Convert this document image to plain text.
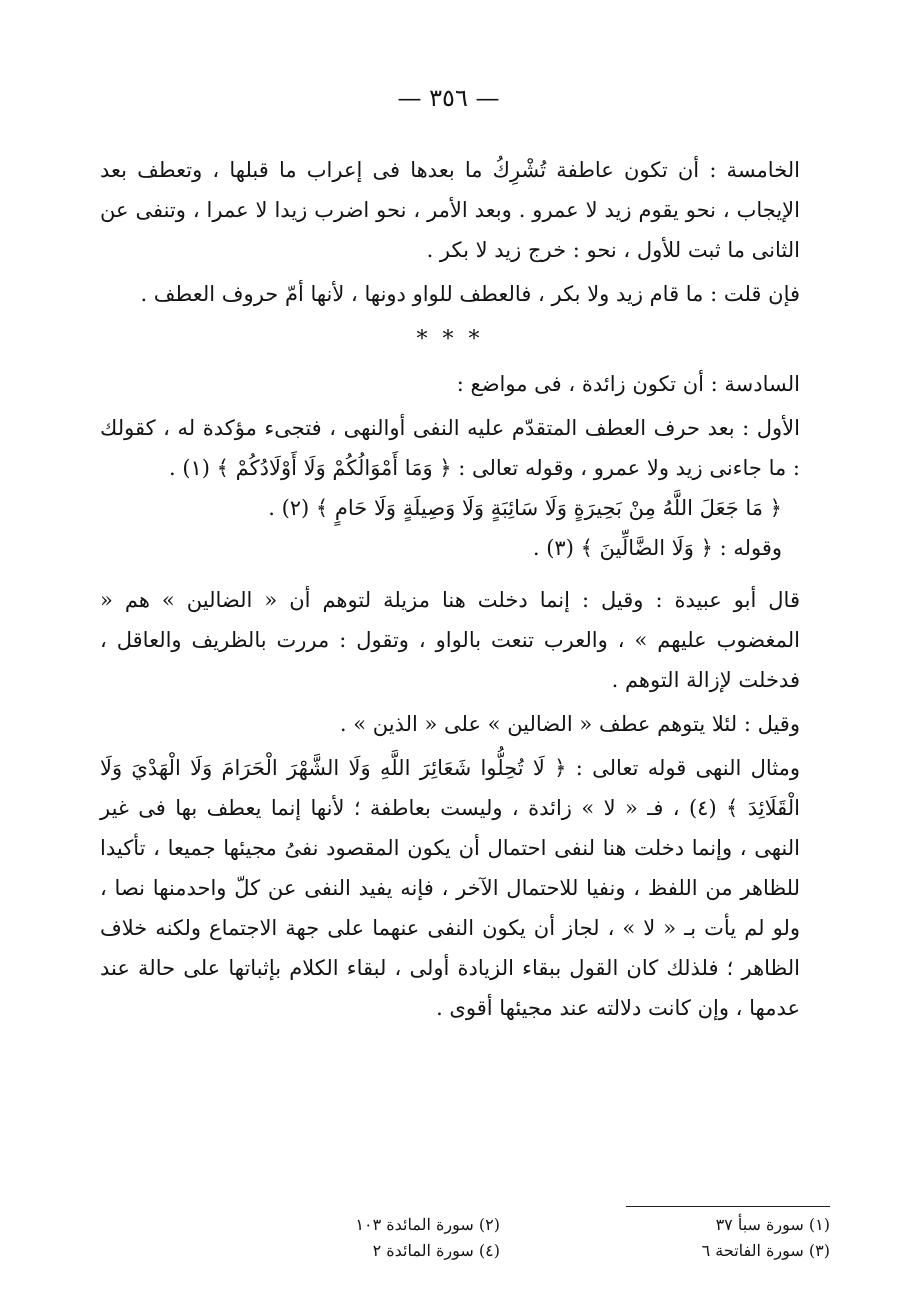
— ٣٥٦ —

الخامسة : أن تكون عاطفة تُشْرِكُ ما بعدها فى إعراب ما قبلها ، وتعطف بعد الإيجاب ، نحو يقوم زيد لا عمرو . وبعد الأمر ، نحو اضرب زيدا لا عمرا ، وتنفى عن الثانى ما ثبت للأول ، نحو : خرج زيد لا بكر .

فإن قلت : ما قام زيد ولا بكر ، فالعطف للواو دونها ، لأنها أمّ حروف العطف .

* * *

السادسة : أن تكون زائدة ، فى مواضع :

الأول : بعد حرف العطف المتقدّم عليه النفى أوالنهى ، فتجىء مؤكدة له ، كقولك : ما جاءنى زيد ولا عمرو ، وقوله تعالى : ﴿ وَمَا أَمْوَالُكُمْ وَلَا أَوْلَادُكُمْ ﴾ (١) .

﴿ مَا جَعَلَ اللَّهُ مِنْ بَحِيرَةٍ وَلَا سَائِبَةٍ وَلَا وَصِيلَةٍ وَلَا حَامٍ ﴾ (٢) .

وقوله : ﴿ وَلَا الضَّالِّينَ ﴾ (٣) .

قال أبو عبيدة : وقيل : إنما دخلت هنا مزيلة لتوهم أن « الضالين » هم « المغضوب عليهم » ، والعرب تنعت بالواو ، وتقول : مررت بالظريف والعاقل ، فدخلت لإزالة التوهم .

وقيل : لئلا يتوهم عطف « الضالين » على « الذين » .

ومثال النهى قوله تعالى : ﴿ لَا تُحِلُّوا شَعَائِرَ اللَّهِ وَلَا الشَّهْرَ الْحَرَامَ وَلَا الْهَدْيَ وَلَا الْقَلَائِدَ ﴾ (٤) ، فـ « لا » زائدة ، وليست بعاطفة ؛ لأنها إنما يعطف بها فى غير النهى ، وإنما دخلت هنا لنفى احتمال أن يكون المقصود نفىُ مجيئها جميعا ، تأكيدا للظاهر من اللفظ ، ونفيا للاحتمال الآخر ، فإنه يفيد النفى عن كلّ واحدمنها نصا ، ولو لم يأت بـ « لا » ، لجاز أن يكون النفى عنهما على جهة الاجتماع ولكنه خلاف الظاهر ؛ فلذلك كان القول ببقاء الزيادة أولى ، لبقاء الكلام بإثباتها على حالة عند عدمها ، وإن كانت دلالته عند مجيئها أقوى .

(١) سورة سبأ ٣٧
(٣) سورة الفاتحة ٦
(٢) سورة المائدة ١٠٣
(٤) سورة المائدة ٢
